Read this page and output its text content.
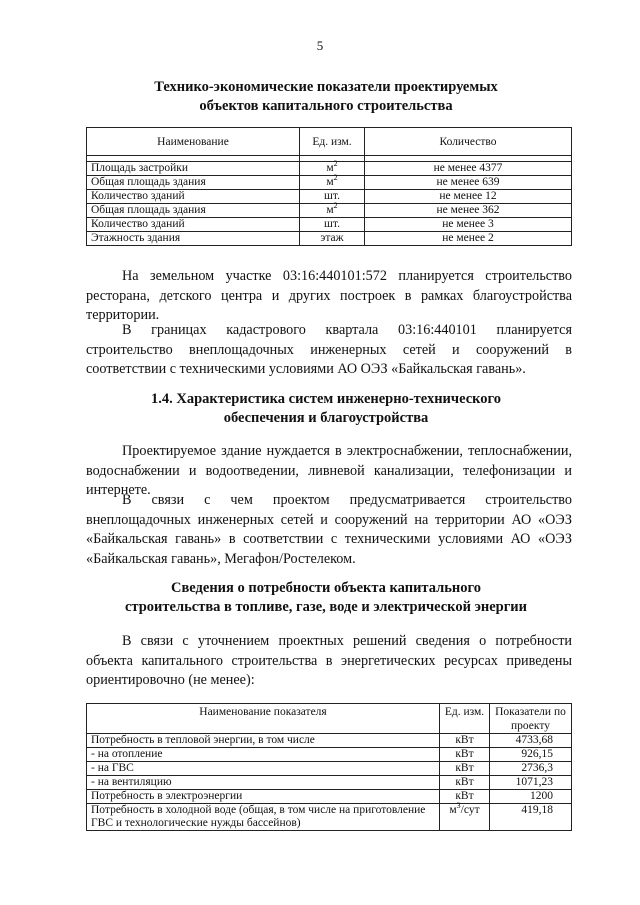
5
Технико-экономические показатели проектируемых
объектов капитального строительства
Наименование	Ед. изм.	Количество

Площадь застройки	$м^2$	не менее 4377
Общая площадь здания	$м^2$	не менее 639
Количество зданий	шт.	не менее 12
Общая площадь здания	$м^2$	не менее 362
Количество зданий	шт.	не менее 3
Этажность здания	этаж	не менее 2

На земельном участке 03:16:440101:572 планируется строительство ресторана, детского центра и других построек в рамках благоустройства территории.

В границах кадастрового квартала 03:16:440101 планируется строительство внеплощадочных инженерных сетей и сооружений в соответствии с техническими условиями АО ОЭЗ «Байкальская гавань».

1.4. Характеристика систем инженерно-технического
обеспечения и благоустройства

Проектируемое здание нуждается в электроснабжении, теплоснабжении, водоснабжении и водоотведении, ливневой канализации, телефонизации и интернете.

В связи с чем проектом предусматривается строительство внеплощадочных инженерных сетей и сооружений на территории АО «ОЭЗ «Байкальская гавань» в соответствии с техническими условиями АО «ОЭЗ «Байкальская гавань», Мегафон/Ростелеком.

Сведения о потребности объекта капитального
строительства в топливе, газе, воде и электрической энергии

В связи с уточнением проектных решений сведения о потребности объекта капитального строительства в энергетических ресурсах приведены ориентировочно (не менее):

Наименование показателя	Ед. изм.	Показатели по проекту
Потребность в тепловой энергии, в том числе	кВт	4733,68
- на отопление	кВт	926,15
- на ГВС	кВт	2736,3
- на вентиляцию	кВт	1071,23
Потребность в электроэнергии	кВт	1200
Потребность в холодной воде (общая, в том числе на приготовление ГВС и технологические нужды бассейнов)	$м^3$/сут	419,18
